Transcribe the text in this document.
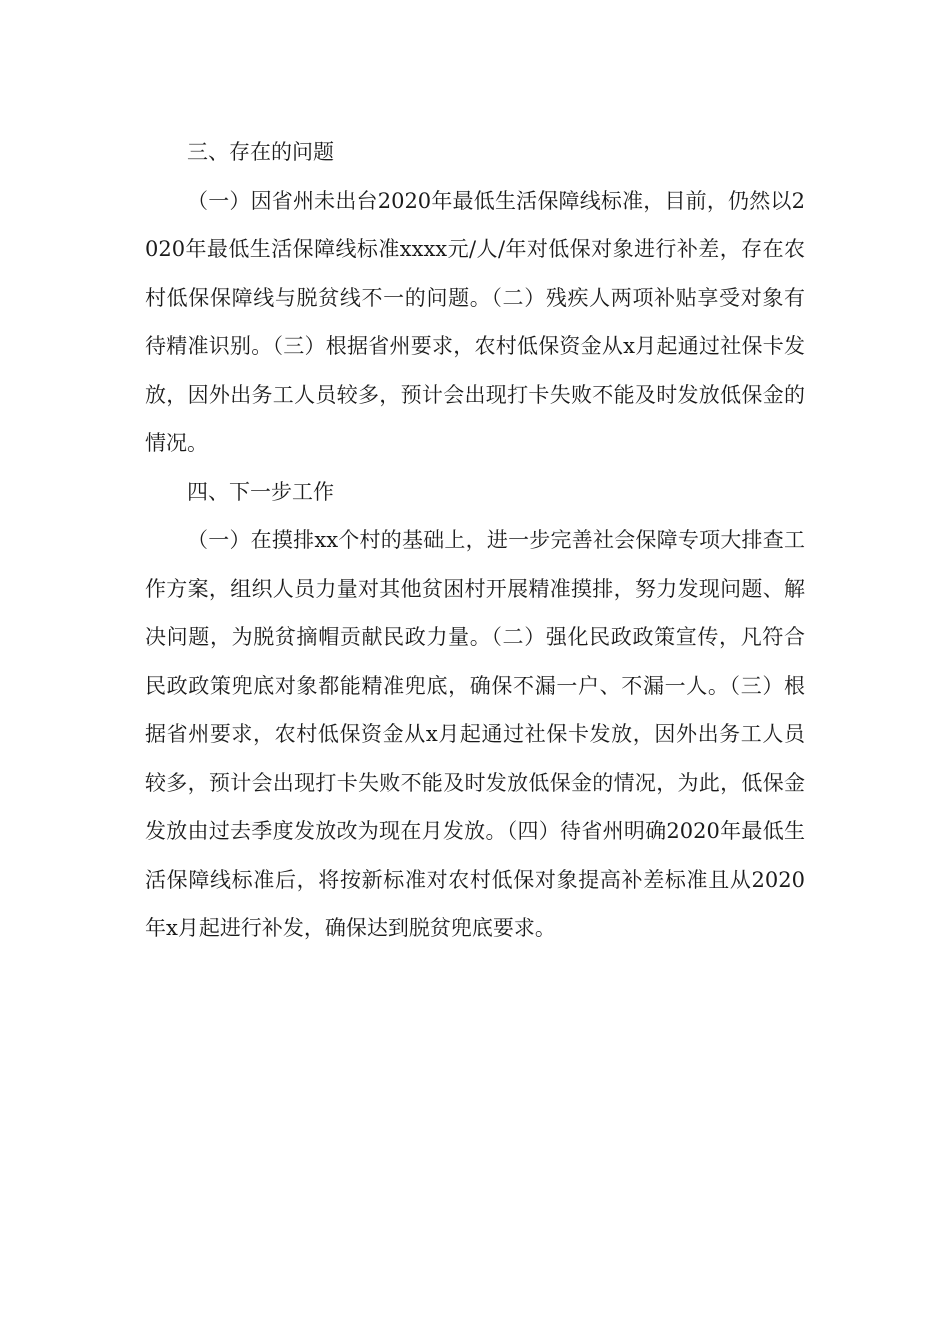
三、存在的问题

（一）因省州未出台2020年最低生活保障线标准，目前，仍然以2020年最低生活保障线标准xxxx元/人/年对低保对象进行补差，存在农村低保保障线与脱贫线不一的问题。（二）残疾人两项补贴享受对象有待精准识别。（三）根据省州要求，农村低保资金从x月起通过社保卡发放，因外出务工人员较多，预计会出现打卡失败不能及时发放低保金的情况。

四、下一步工作

（一）在摸排xx个村的基础上，进一步完善社会保障专项大排查工作方案，组织人员力量对其他贫困村开展精准摸排，努力发现问题、解决问题，为脱贫摘帽贡献民政力量。（二）强化民政政策宣传，凡符合民政政策兜底对象都能精准兜底，确保不漏一户、不漏一人。（三）根据省州要求，农村低保资金从x月起通过社保卡发放，因外出务工人员较多，预计会出现打卡失败不能及时发放低保金的情况，为此，低保金发放由过去季度发放改为现在月发放。（四）待省州明确2020年最低生活保障线标准后，将按新标准对农村低保对象提高补差标准且从2020年x月起进行补发，确保达到脱贫兜底要求。
